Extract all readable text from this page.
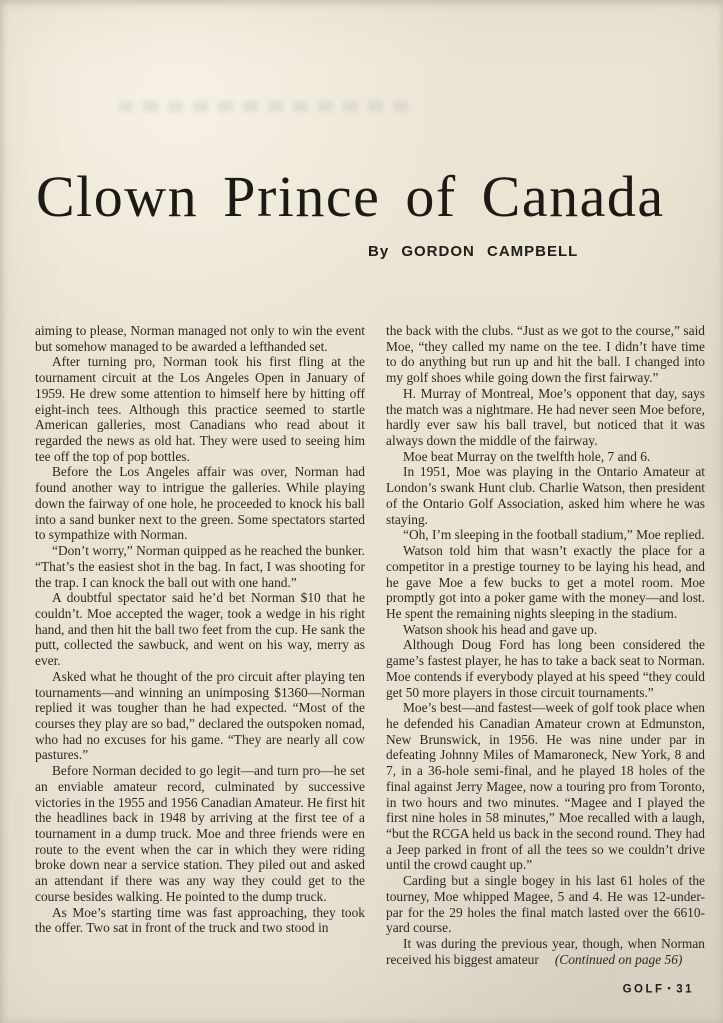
Clown Prince of Canada
By GORDON CAMPBELL

aiming to please, Norman managed not only to win the event but somehow managed to be awarded a lefthanded set.

After turning pro, Norman took his first fling at the tournament circuit at the Los Angeles Open in January of 1959. He drew some attention to himself here by hitting off eight-inch tees. Although this practice seemed to startle American galleries, most Canadians who read about it regarded the news as old hat. They were used to seeing him tee off the top of pop bottles.

Before the Los Angeles affair was over, Norman had found another way to intrigue the galleries. While playing down the fairway of one hole, he proceeded to knock his ball into a sand bunker next to the green. Some spectators started to sympathize with Norman.

“Don’t worry,” Norman quipped as he reached the bunker. “That’s the easiest shot in the bag. In fact, I was shooting for the trap. I can knock the ball out with one hand.”

A doubtful spectator said he’d bet Norman $10 that he couldn’t. Moe accepted the wager, took a wedge in his right hand, and then hit the ball two feet from the cup. He sank the putt, collected the sawbuck, and went on his way, merry as ever.

Asked what he thought of the pro circuit after playing ten tournaments—and winning an unimposing $1360—Norman replied it was tougher than he had expected. “Most of the courses they play are so bad,” declared the outspoken nomad, who had no excuses for his game. “They are nearly all cow pastures.”

Before Norman decided to go legit—and turn pro—he set an enviable amateur record, culminated by successive victories in the 1955 and 1956 Canadian Amateur. He first hit the headlines back in 1948 by arriving at the first tee of a tournament in a dump truck. Moe and three friends were en route to the event when the car in which they were riding broke down near a service station. They piled out and asked an attendant if there was any way they could get to the course besides walking. He pointed to the dump truck.

As Moe’s starting time was fast approaching, they took the offer. Two sat in front of the truck and two stood in

the back with the clubs. “Just as we got to the course,” said Moe, “they called my name on the tee. I didn’t have time to do anything but run up and hit the ball. I changed into my golf shoes while going down the first fairway.”

H. Murray of Montreal, Moe’s opponent that day, says the match was a nightmare. He had never seen Moe before, hardly ever saw his ball travel, but noticed that it was always down the middle of the fairway.

Moe beat Murray on the twelfth hole, 7 and 6.

In 1951, Moe was playing in the Ontario Amateur at London’s swank Hunt club. Charlie Watson, then president of the Ontario Golf Association, asked him where he was staying.

“Oh, I’m sleeping in the football stadium,” Moe replied.

Watson told him that wasn’t exactly the place for a competitor in a prestige tourney to be laying his head, and he gave Moe a few bucks to get a motel room. Moe promptly got into a poker game with the money—and lost. He spent the remaining nights sleeping in the stadium.

Watson shook his head and gave up.

Although Doug Ford has long been considered the game’s fastest player, he has to take a back seat to Norman. Moe contends if everybody played at his speed “they could get 50 more players in those circuit tournaments.”

Moe’s best—and fastest—week of golf took place when he defended his Canadian Amateur crown at Edmunston, New Brunswick, in 1956. He was nine under par in defeating Johnny Miles of Mamaroneck, New York, 8 and 7, in a 36-hole semi-final, and he played 18 holes of the final against Jerry Magee, now a touring pro from Toronto, in two hours and two minutes. “Magee and I played the first nine holes in 58 minutes,” Moe recalled with a laugh, “but the RCGA held us back in the second round. They had a Jeep parked in front of all the tees so we couldn’t drive until the crowd caught up.”

Carding but a single bogey in his last 61 holes of the tourney, Moe whipped Magee, 5 and 4. He was 12-under-par for the 29 holes the final match lasted over the 6610-yard course.

It was during the previous year, though, when Norman received his biggest amateur (Continued on page 56)

GOLF • 31
